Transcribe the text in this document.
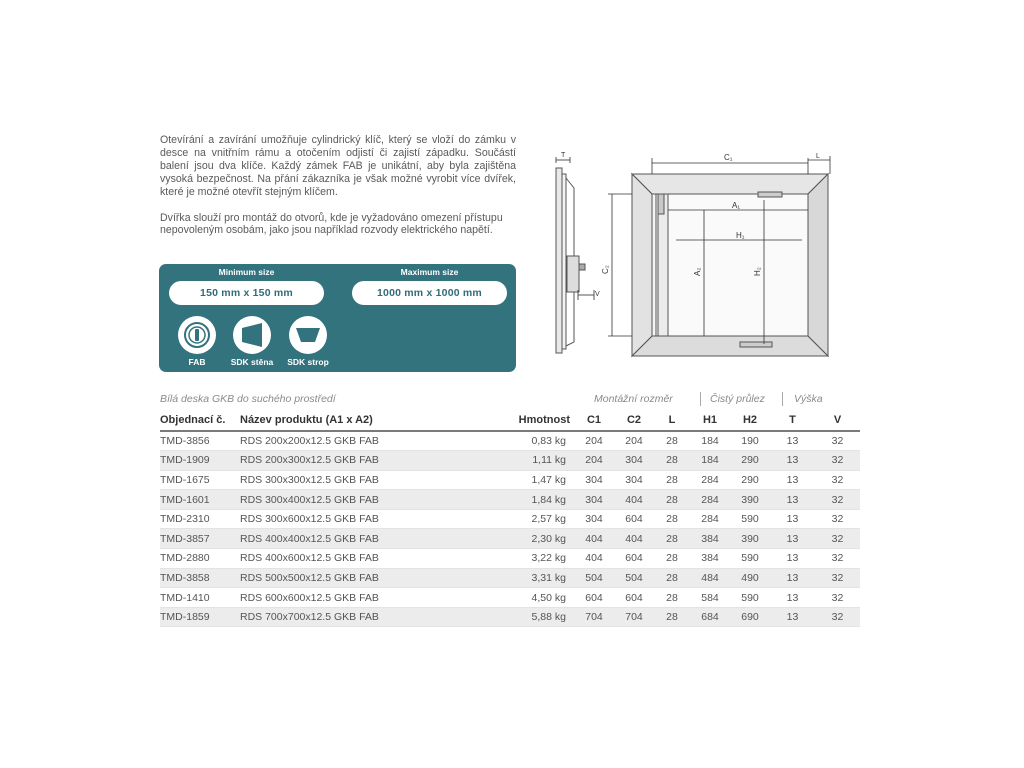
Otevírání a zavírání umožňuje cylindrický klíč, který se vloží do zámku v desce na vnitřním rámu a otočením odjistí či zajistí západku. Součástí balení jsou dva klíče. Každý zámek FAB je unikátní, aby byla zajištěna vysoká bezpečnost. Na přání zákazníka je však možné vyrobit více dvířek, které je možné otevřít stejným klíčem.

Dvířka slouží pro montáž do otvorů, kde je vyžadováno omezení přístupu nepovoleným osobám, jako jsou například rozvody elektrického napětí.

Minimum size
150 mm x 150 mm
Maximum size
1000 mm x 1000 mm
FAB	SDK stěna	SDK strop
T
V
C₁	L
A₁
H₁
C₂	A₂	H₂
Bílá deska GKB do suchého prostředí	Montážní rozměr	Čistý průlez	Výška
Objednací č.	Název produktu (A1 x A2)	Hmotnost	C1	C2	L	H1	H2	T	V
TMD-3856	RDS 200x200x12.5 GKB FAB	0,83 kg	204	204	28	184	190	13	32
TMD-1909	RDS 200x300x12.5 GKB FAB	1,11 kg	204	304	28	184	290	13	32
TMD-1675	RDS 300x300x12.5 GKB FAB	1,47 kg	304	304	28	284	290	13	32
TMD-1601	RDS 300x400x12.5 GKB FAB	1,84 kg	304	404	28	284	390	13	32
TMD-2310	RDS 300x600x12.5 GKB FAB	2,57 kg	304	604	28	284	590	13	32
TMD-3857	RDS 400x400x12.5 GKB FAB	2,30 kg	404	404	28	384	390	13	32
TMD-2880	RDS 400x600x12.5 GKB FAB	3,22 kg	404	604	28	384	590	13	32
TMD-3858	RDS 500x500x12.5 GKB FAB	3,31 kg	504	504	28	484	490	13	32
TMD-1410	RDS 600x600x12.5 GKB FAB	4,50 kg	604	604	28	584	590	13	32
TMD-1859	RDS 700x700x12.5 GKB FAB	5,88 kg	704	704	28	684	690	13	32
